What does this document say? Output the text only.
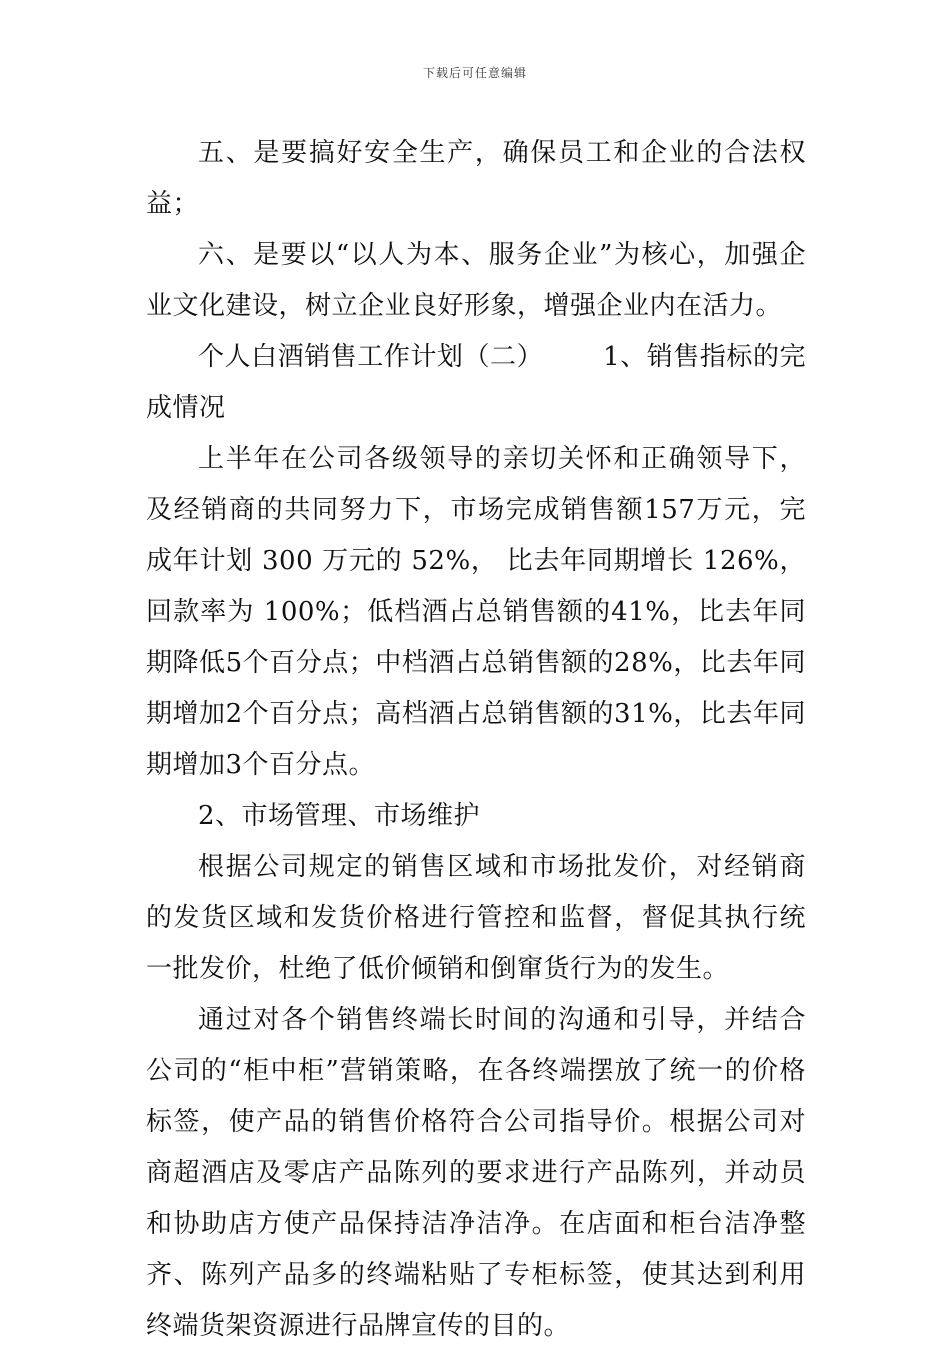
下载后可任意编辑

五、是要搞好安全生产，确保员工和企业的合法权益；

六、是要以“以人为本、服务企业”为核心，加强企业文化建设，树立企业良好形象，增强企业内在活力。

个人白酒销售工作计划（二） 1、销售指标的完成情况

上半年在公司各级领导的亲切关怀和正确领导下，及经销商的共同努力下，市场完成销售额157万元，完成年计划 300 万元的 52%， 比去年同期增长 126%， 回款率为 100%；低档酒占总销售额的41%，比去年同期降低5个百分点；中档酒占总销售额的28%，比去年同期增加2个百分点；高档酒占总销售额的31%，比去年同期增加3个百分点。

2、市场管理、市场维护

根据公司规定的销售区域和市场批发价，对经销商的发货区域和发货价格进行管控和监督，督促其执行统一批发价，杜绝了低价倾销和倒窜货行为的发生。

通过对各个销售终端长时间的沟通和引导，并结合公司的“柜中柜”营销策略，在各终端摆放了统一的价格标签，使产品的销售价格符合公司指导价。根据公司对商超酒店及零店产品陈列的要求进行产品陈列，并动员和协助店方使产品保持洁净洁净。在店面和柜台洁净整齐、陈列产品多的终端粘贴了专柜标签，使其达到利用终端货架资源进行品牌宣传的目的。
